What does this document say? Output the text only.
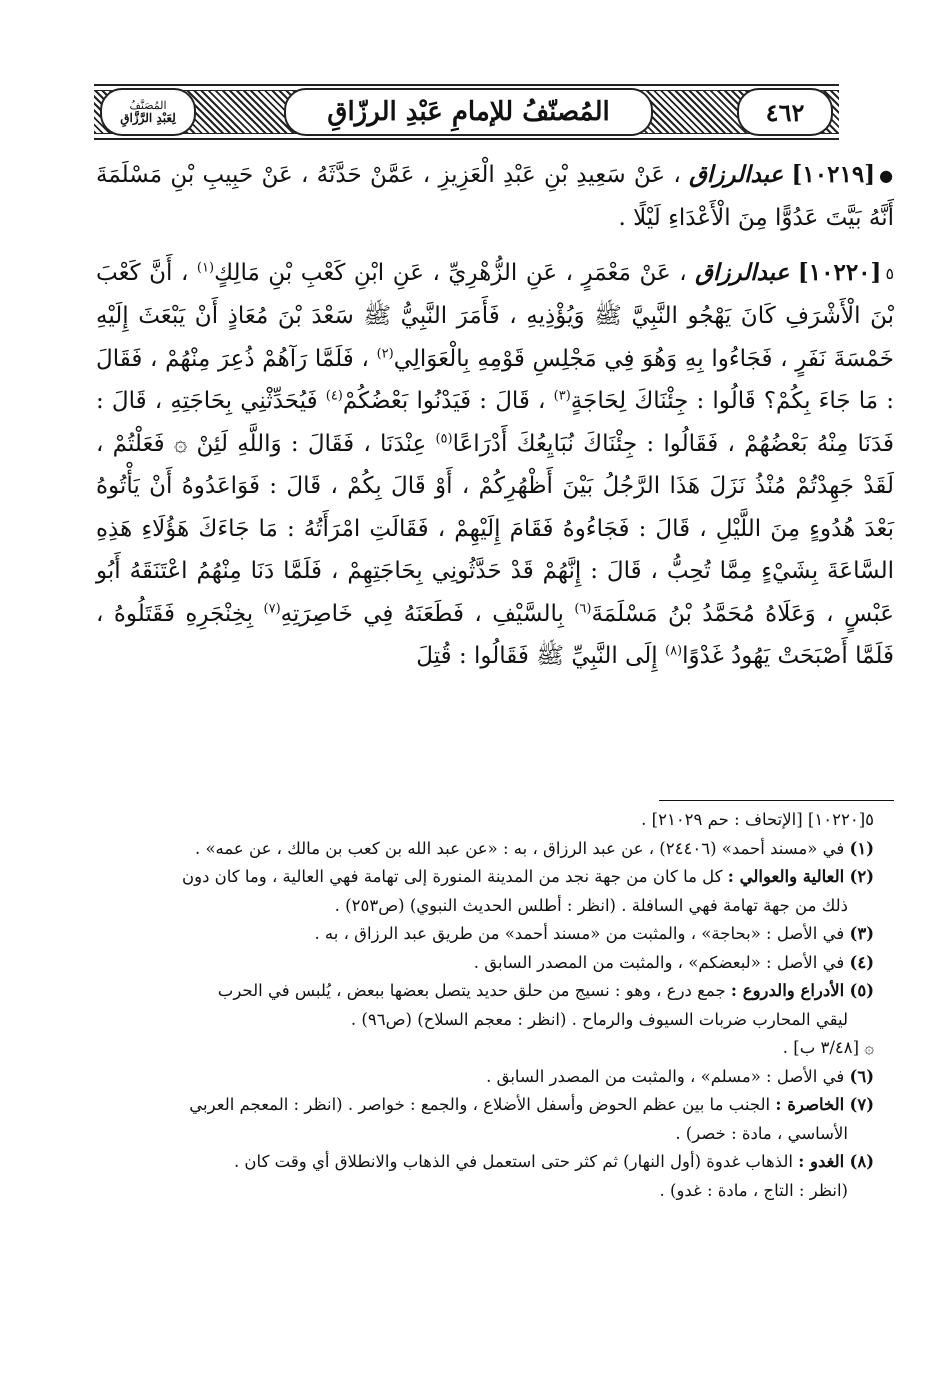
٤٦٢
المُصنّفُ للإمامِ عَبْدِ الرزّاقِ
المُصَنَّفُ
لِعَبْدِ الرَّزَّاقِ

●[١٠٢١٩] عبدالرزاق ، عَنْ سَعِيدِ بْنِ عَبْدِ الْعَزِيزِ ، عَمَّنْ حَدَّثَهُ ، عَنْ حَبِيبِ بْنِ مَسْلَمَةَ أَنَّهُ بَيَّتَ عَدُوًّا مِنَ الْأَعْدَاءِ لَيْلًا .

٥[١٠٢٢٠] عبدالرزاق ، عَنْ مَعْمَرٍ ، عَنِ الزُّهْرِيِّ ، عَنِ ابْنِ كَعْبِ بْنِ مَالِكٍ$^{(١)}$ ، أَنَّ كَعْبَ بْنَ الْأَشْرَفِ كَانَ يَهْجُو النَّبِيَّ ﷺ وَيُؤْذِيهِ ، فَأَمَرَ النَّبِيُّ ﷺ سَعْدَ بْنَ مُعَاذٍ أَنْ يَبْعَثَ إِلَيْهِ خَمْسَةَ نَفَرٍ ، فَجَاءُوا بِهِ وَهُوَ فِي مَجْلِسِ قَوْمِهِ بِالْعَوَالِي$^{(٢)}$ ، فَلَمَّا رَآهُمْ ذُعِرَ مِنْهُمْ ، فَقَالَ : مَا جَاءَ بِكُمْ؟ قَالُوا : جِئْنَاكَ لِحَاجَةٍ$^{(٣)}$ ، قَالَ : فَيَدْنُوا بَعْضُكُمْ$^{(٤)}$ فَيُحَدِّثْنِي بِحَاجَتِهِ ، قَالَ : فَدَنَا مِنْهُ بَعْضُهُمْ ، فَقَالُوا : جِئْنَاكَ نُبَايِعُكَ أَدْرَاعًا$^{(٥)}$ عِنْدَنَا ، فَقَالَ : وَاللَّهِ لَئِنْ ۞ فَعَلْتُمْ ، لَقَدْ جَهِدْتُمْ مُنْذُ نَزَلَ هَذَا الرَّجُلُ بَيْنَ أَظْهُرِكُمْ ، أَوْ قَالَ بِكُمْ ، قَالَ : فَوَاعَدُوهُ أَنْ يَأْتُوهُ بَعْدَ هُدُوءٍ مِنَ اللَّيْلِ ، قَالَ : فَجَاءُوهُ فَقَامَ إِلَيْهِمْ ، فَقَالَتِ امْرَأَتُهُ : مَا جَاءَكَ هَؤُلَاءِ هَذِهِ السَّاعَةَ بِشَيْءٍ مِمَّا تُحِبُّ ، قَالَ : إِنَّهُمْ قَدْ حَدَّثُونِي بِحَاجَتِهِمْ ، فَلَمَّا دَنَا مِنْهُمُ اعْتَنَقَهُ أَبُو عَبْسٍ ، وَعَلَاهُ مُحَمَّدُ بْنُ مَسْلَمَةَ$^{(٦)}$ بِالسَّيْفِ ، فَطَعَنَهُ فِي خَاصِرَتِهِ$^{(٧)}$ بِخِنْجَرِهِ فَقَتَلُوهُ ، فَلَمَّا أَصْبَحَتْ يَهُودُ غَدْوًا$^{(٨)}$ إِلَى النَّبِيِّ ﷺ فَقَالُوا : قُتِلَ

٥[١٠٢٢٠] [الإتحاف : حم ٢١٠٢٩] .

(١) في «مسند أحمد» (٢٤٤٠٦) ، عن عبد الرزاق ، به : «عن عبد الله بن كعب بن مالك ، عن عمه» .

(٢) العالية والعوالي : كل ما كان من جهة نجد من المدينة المنورة إلى تهامة فهي العالية ، وما كان دون

ذلك من جهة تهامة فهي السافلة . (انظر : أطلس الحديث النبوي) (ص٢٥٣) .

(٣) في الأصل : «بحاجة» ، والمثبت من «مسند أحمد» من طريق عبد الرزاق ، به .

(٤) في الأصل : «لبعضكم» ، والمثبت من المصدر السابق .

(٥) الأدراع والدروع : جمع درع ، وهو : نسيج من حلق حديد يتصل بعضها ببعض ، يُلبس في الحرب

ليقي المحارب ضربات السيوف والرماح . (انظر : معجم السلاح) (ص٩٦) .

۞ [٣/٤٨ ب] .

(٦) في الأصل : «مسلم» ، والمثبت من المصدر السابق .

(٧) الخاصرة : الجنب ما بين عظم الحوض وأسفل الأضلاع ، والجمع : خواصر . (انظر : المعجم العربي

الأساسي ، مادة : خصر) .

(٨) الغدو : الذهاب غدوة (أول النهار) ثم كثر حتى استعمل في الذهاب والانطلاق أي وقت كان .

(انظر : التاج ، مادة : غدو) .
